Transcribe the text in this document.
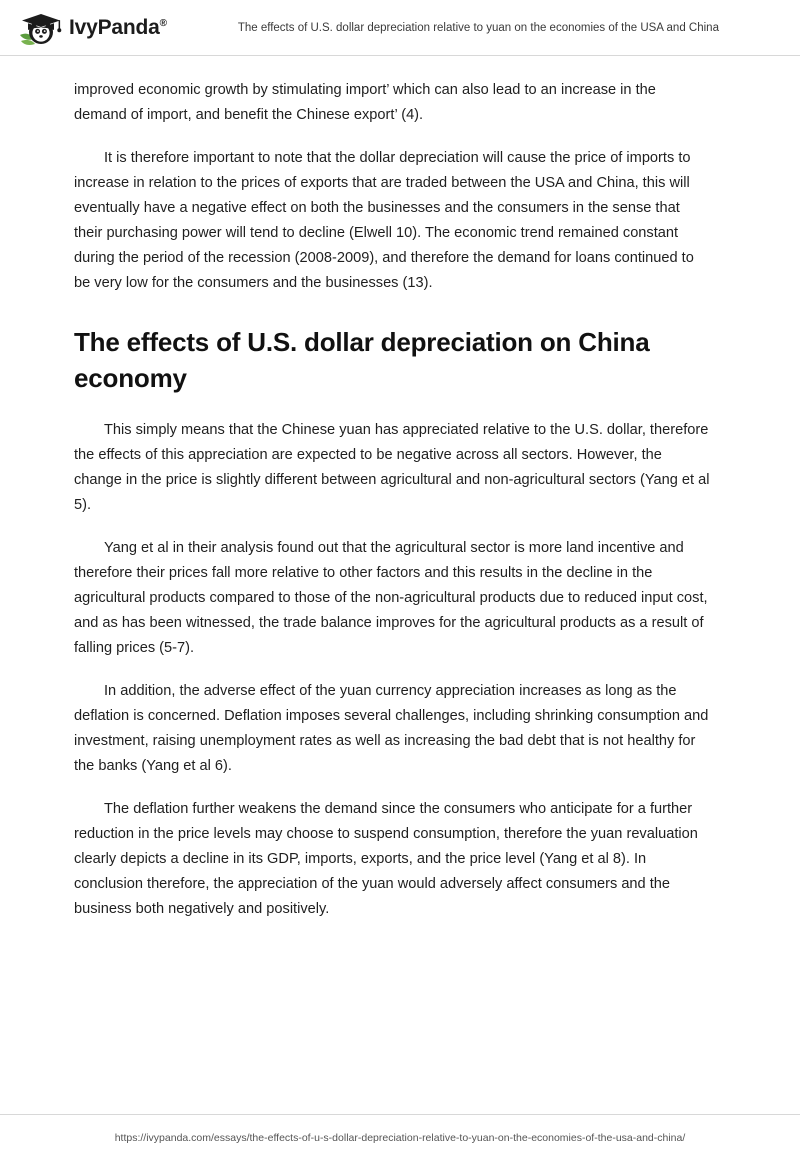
IvyPanda®	The effects of U.S. dollar depreciation relative to yuan on the economies of the USA and China

improved economic growth by stimulating import’ which can also lead to an increase in the demand of import, and benefit the Chinese export’ (4).

It is therefore important to note that the dollar depreciation will cause the price of imports to increase in relation to the prices of exports that are traded between the USA and China, this will eventually have a negative effect on both the businesses and the consumers in the sense that their purchasing power will tend to decline (Elwell 10). The economic trend remained constant during the period of the recession (2008-2009), and therefore the demand for loans continued to be very low for the consumers and the businesses (13).

The effects of U.S. dollar depreciation on China economy

This simply means that the Chinese yuan has appreciated relative to the U.S. dollar, therefore the effects of this appreciation are expected to be negative across all sectors. However, the change in the price is slightly different between agricultural and non-agricultural sectors (Yang et al 5).

Yang et al in their analysis found out that the agricultural sector is more land incentive and therefore their prices fall more relative to other factors and this results in the decline in the agricultural products compared to those of the non-agricultural products due to reduced input cost, and as has been witnessed, the trade balance improves for the agricultural products as a result of falling prices (5-7).

In addition, the adverse effect of the yuan currency appreciation increases as long as the deflation is concerned. Deflation imposes several challenges, including shrinking consumption and investment, raising unemployment rates as well as increasing the bad debt that is not healthy for the banks (Yang et al 6).

The deflation further weakens the demand since the consumers who anticipate for a further reduction in the price levels may choose to suspend consumption, therefore the yuan revaluation clearly depicts a decline in its GDP, imports, exports, and the price level (Yang et al 8). In conclusion therefore, the appreciation of the yuan would adversely affect consumers and the business both negatively and positively.

https://ivypanda.com/essays/the-effects-of-u-s-dollar-depreciation-relative-to-yuan-on-the-economies-of-the-usa-and-china/
